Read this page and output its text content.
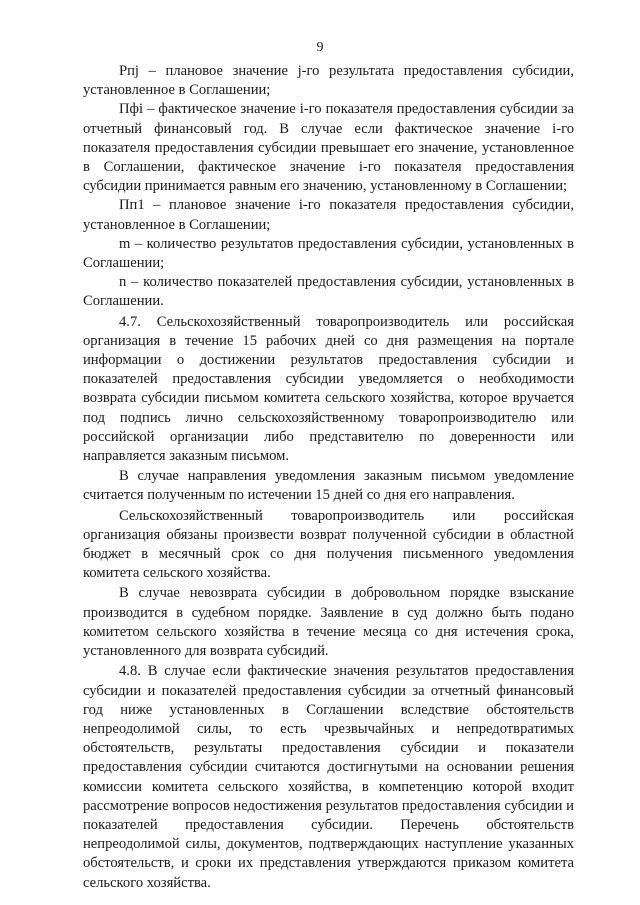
9

Рпj – плановое значение j-го результата предоставления субсидии, установленное в Соглашении;

Пфi – фактическое значение i-го показателя предоставления субсидии за отчетный финансовый год. В случае если фактическое значение i-го показателя предоставления субсидии превышает его значение, установленное в Соглашении, фактическое значение i-го показателя предоставления субсидии принимается равным его значению, установленному в Соглашении;

Пп1 – плановое значение i-го показателя предоставления субсидии, установленное в Соглашении;

m – количество результатов предоставления субсидии, установленных в Соглашении;

n – количество показателей предоставления субсидии, установленных в Соглашении.

4.7. Сельскохозяйственный товаропроизводитель или российская организация в течение 15 рабочих дней со дня размещения на портале информации о достижении результатов предоставления субсидии и показателей предоставления субсидии уведомляется о необходимости возврата субсидии письмом комитета сельского хозяйства, которое вручается под подпись лично сельскохозяйственному товаропроизводителю или российской организации либо представителю по доверенности или направляется заказным письмом.

В случае направления уведомления заказным письмом уведомление считается полученным по истечении 15 дней со дня его направления.

Сельскохозяйственный товаропроизводитель или российская организация обязаны произвести возврат полученной субсидии в областной бюджет в месячный срок со дня получения письменного уведомления комитета сельского хозяйства.

В случае невозврата субсидии в добровольном порядке взыскание производится в судебном порядке. Заявление в суд должно быть подано комитетом сельского хозяйства в течение месяца со дня истечения срока, установленного для возврата субсидий.

4.8. В случае если фактические значения результатов предоставления субсидии и показателей предоставления субсидии за отчетный финансовый год ниже установленных в Соглашении вследствие обстоятельств непреодолимой силы, то есть чрезвычайных и непредотвратимых обстоятельств, результаты предоставления субсидии и показатели предоставления субсидии считаются достигнутыми на основании решения комиссии комитета сельского хозяйства, в компетенцию которой входит рассмотрение вопросов недостижения результатов предоставления субсидии и показателей предоставления субсидии. Перечень обстоятельств непреодолимой силы, документов, подтверждающих наступление указанных обстоятельств, и сроки их представления утверждаются приказом комитета сельского хозяйства.
